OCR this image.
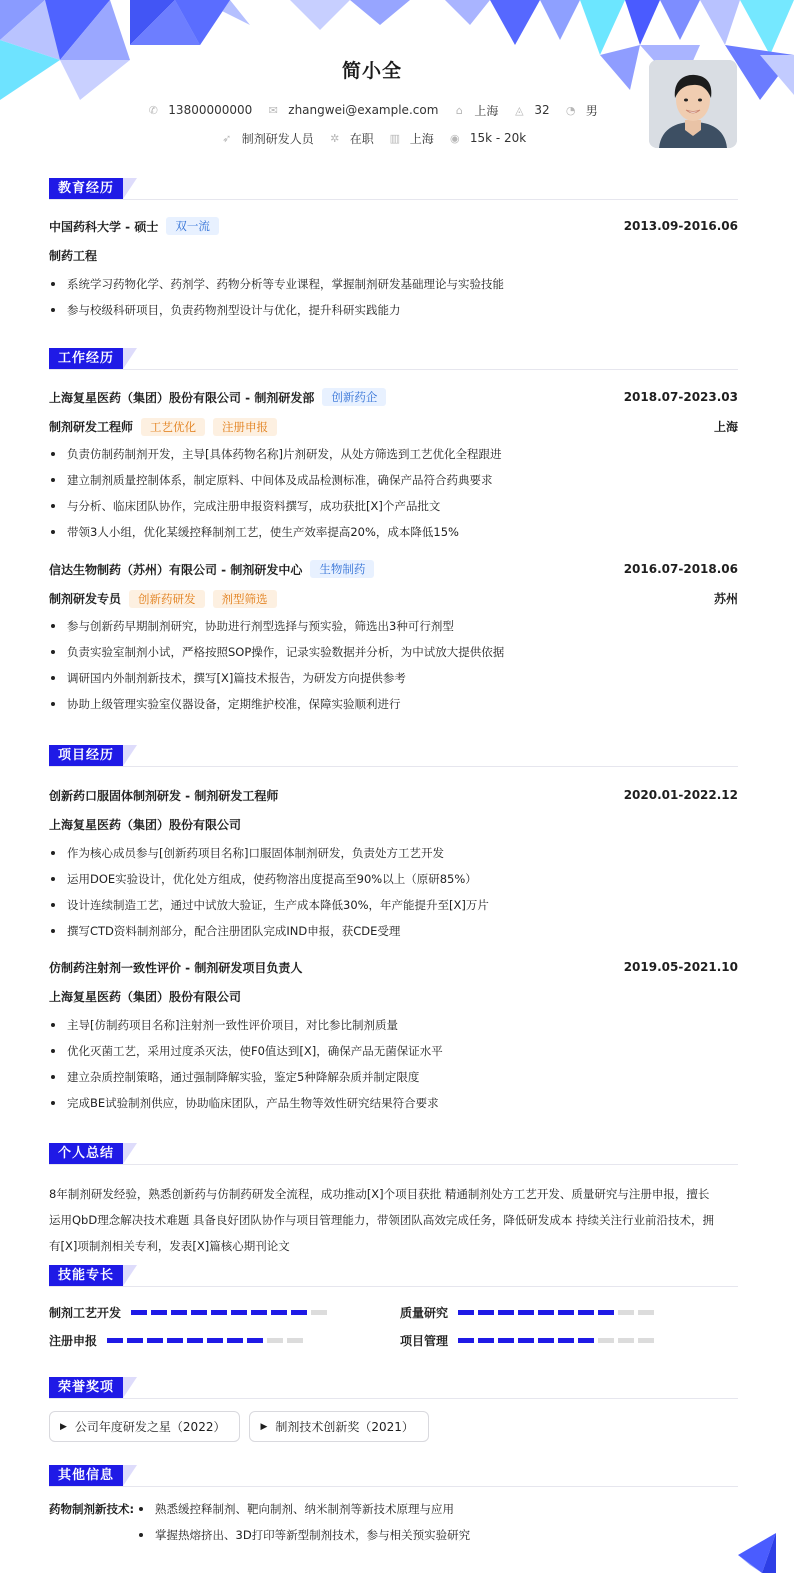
简小全
✆ 13800000000 ✉ zhangwei@example.com	⌂ 上海 ◬ 32 ◔ 男
➶ 制剂研发人员 ✲ 在职 ▥ 上海 ◉ 15k - 20k
教育经历
中国药科大学 - 硕士	双一流	2013.09-2016.06
制药工程
系统学习药物化学、药剂学、药物分析等专业课程，掌握制剂研发基础理论与实验技能
参与校级科研项目，负责药物剂型设计与优化，提升科研实践能力
工作经历
上海复星医药（集团）股份有限公司 - 制剂研发部	创新药企	2018.07-2023.03
制剂研发工程师	工艺优化	注册申报	上海
负责仿制药制剂开发，主导[具体药物名称]片剂研发，从处方筛选到工艺优化全程跟进
建立制剂质量控制体系，制定原料、中间体及成品检测标准，确保产品符合药典要求
与分析、临床团队协作，完成注册申报资料撰写，成功获批[X]个产品批文
带领3人小组，优化某缓控释制剂工艺，使生产效率提高20%，成本降低15%
信达生物制药（苏州）有限公司 - 制剂研发中心	生物制药	2016.07-2018.06
制剂研发专员	创新药研发	剂型筛选	苏州
参与创新药早期制剂研究，协助进行剂型选择与预实验，筛选出3种可行剂型
负责实验室制剂小试，严格按照SOP操作，记录实验数据并分析，为中试放大提供依据
调研国内外制剂新技术，撰写[X]篇技术报告，为研发方向提供参考
协助上级管理实验室仪器设备，定期维护校准，保障实验顺利进行
项目经历
创新药口服固体制剂研发 - 制剂研发工程师	2020.01-2022.12
上海复星医药（集团）股份有限公司
作为核心成员参与[创新药项目名称]口服固体制剂研发，负责处方工艺开发
运用DOE实验设计，优化处方组成，使药物溶出度提高至90%以上（原研85%）
设计连续制造工艺，通过中试放大验证，生产成本降低30%，年产能提升至[X]万片
撰写CTD资料制剂部分，配合注册团队完成IND申报，获CDE受理
仿制药注射剂一致性评价 - 制剂研发项目负责人	2019.05-2021.10
上海复星医药（集团）股份有限公司
主导[仿制药项目名称]注射剂一致性评价项目，对比参比制剂质量
优化灭菌工艺，采用过度杀灭法，使F0值达到[X]，确保产品无菌保证水平
建立杂质控制策略，通过强制降解实验，鉴定5种降解杂质并制定限度
完成BE试验制剂供应，协助临床团队，产品生物等效性研究结果符合要求
个人总结
8年制剂研发经验，熟悉创新药与仿制药研发全流程，成功推动[X]个项目获批 精通制剂处方工艺开发、质量研究与注册申报，擅长
运用QbD理念解决技术难题 具备良好团队协作与项目管理能力，带领团队高效完成任务，降低研发成本 持续关注行业前沿技术，拥
有[X]项制剂相关专利，发表[X]篇核心期刊论文
技能专长
制剂工艺开发	质量研究
注册申报	项目管理
荣誉奖项
▶ 公司年度研发之星（2022）	▶ 制剂技术创新奖（2021）
其他信息
药物制剂新技术:	熟悉缓控释制剂、靶向制剂、纳米制剂等新技术原理与应用
掌握热熔挤出、3D打印等新型制剂技术，参与相关预实验研究
